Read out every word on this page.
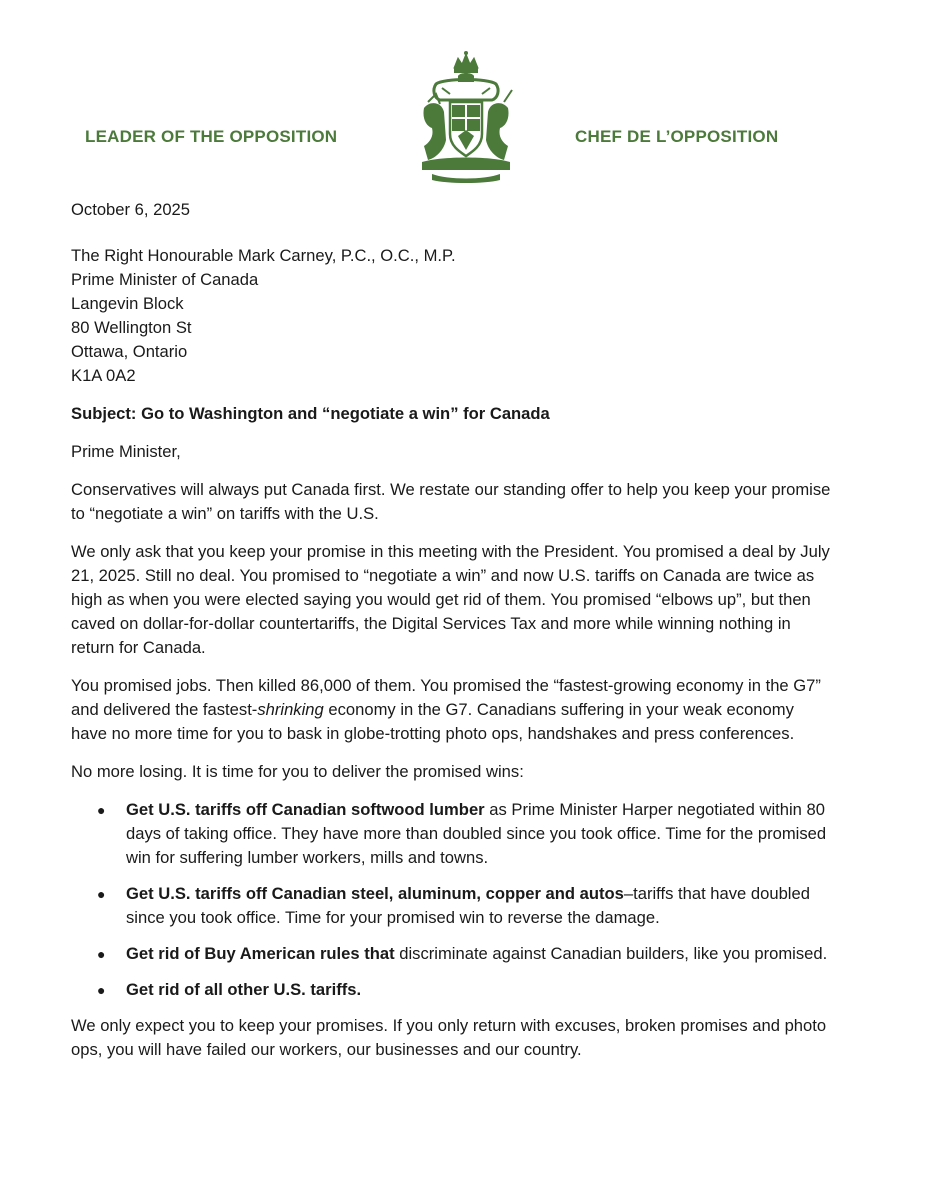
LEADER OF THE OPPOSITION	CHEF DE L’OPPOSITION

October 6, 2025

The Right Honourable Mark Carney, P.C., O.C., M.P.

Prime Minister of Canada

Langevin Block

80 Wellington St

Ottawa, Ontario

K1A 0A2

Subject: Go to Washington and “negotiate a win” for Canada

Prime Minister,

Conservatives will always put Canada first. We restate our standing offer to help you keep your promise to “negotiate a win” on tariffs with the U.S.

We only ask that you keep your promise in this meeting with the President. You promised a deal by July 21, 2025. Still no deal. You promised to “negotiate a win” and now U.S. tariffs on Canada are twice as high as when you were elected saying you would get rid of them. You promised “elbows up”, but then caved on dollar-for-dollar countertariffs, the Digital Services Tax and more while winning nothing in return for Canada.

You promised jobs. Then killed 86,000 of them. You promised the “fastest-growing economy in the G7” and delivered the fastest-shrinking economy in the G7. Canadians suffering in your weak economy have no more time for you to bask in globe-trotting photo ops, handshakes and press conferences.

No more losing. It is time for you to deliver the promised wins:

● Get U.S. tariffs off Canadian softwood lumber as Prime Minister Harper negotiated within 80 days of taking office. They have more than doubled since you took office. Time for the promised win for suffering lumber workers, mills and towns.
● Get U.S. tariffs off Canadian steel, aluminum, copper and autos–tariffs that have doubled since you took office. Time for your promised win to reverse the damage.
● Get rid of Buy American rules that discriminate against Canadian builders, like you promised.
● Get rid of all other U.S. tariffs.

We only expect you to keep your promises. If you only return with excuses, broken promises and photo ops, you will have failed our workers, our businesses and our country.
